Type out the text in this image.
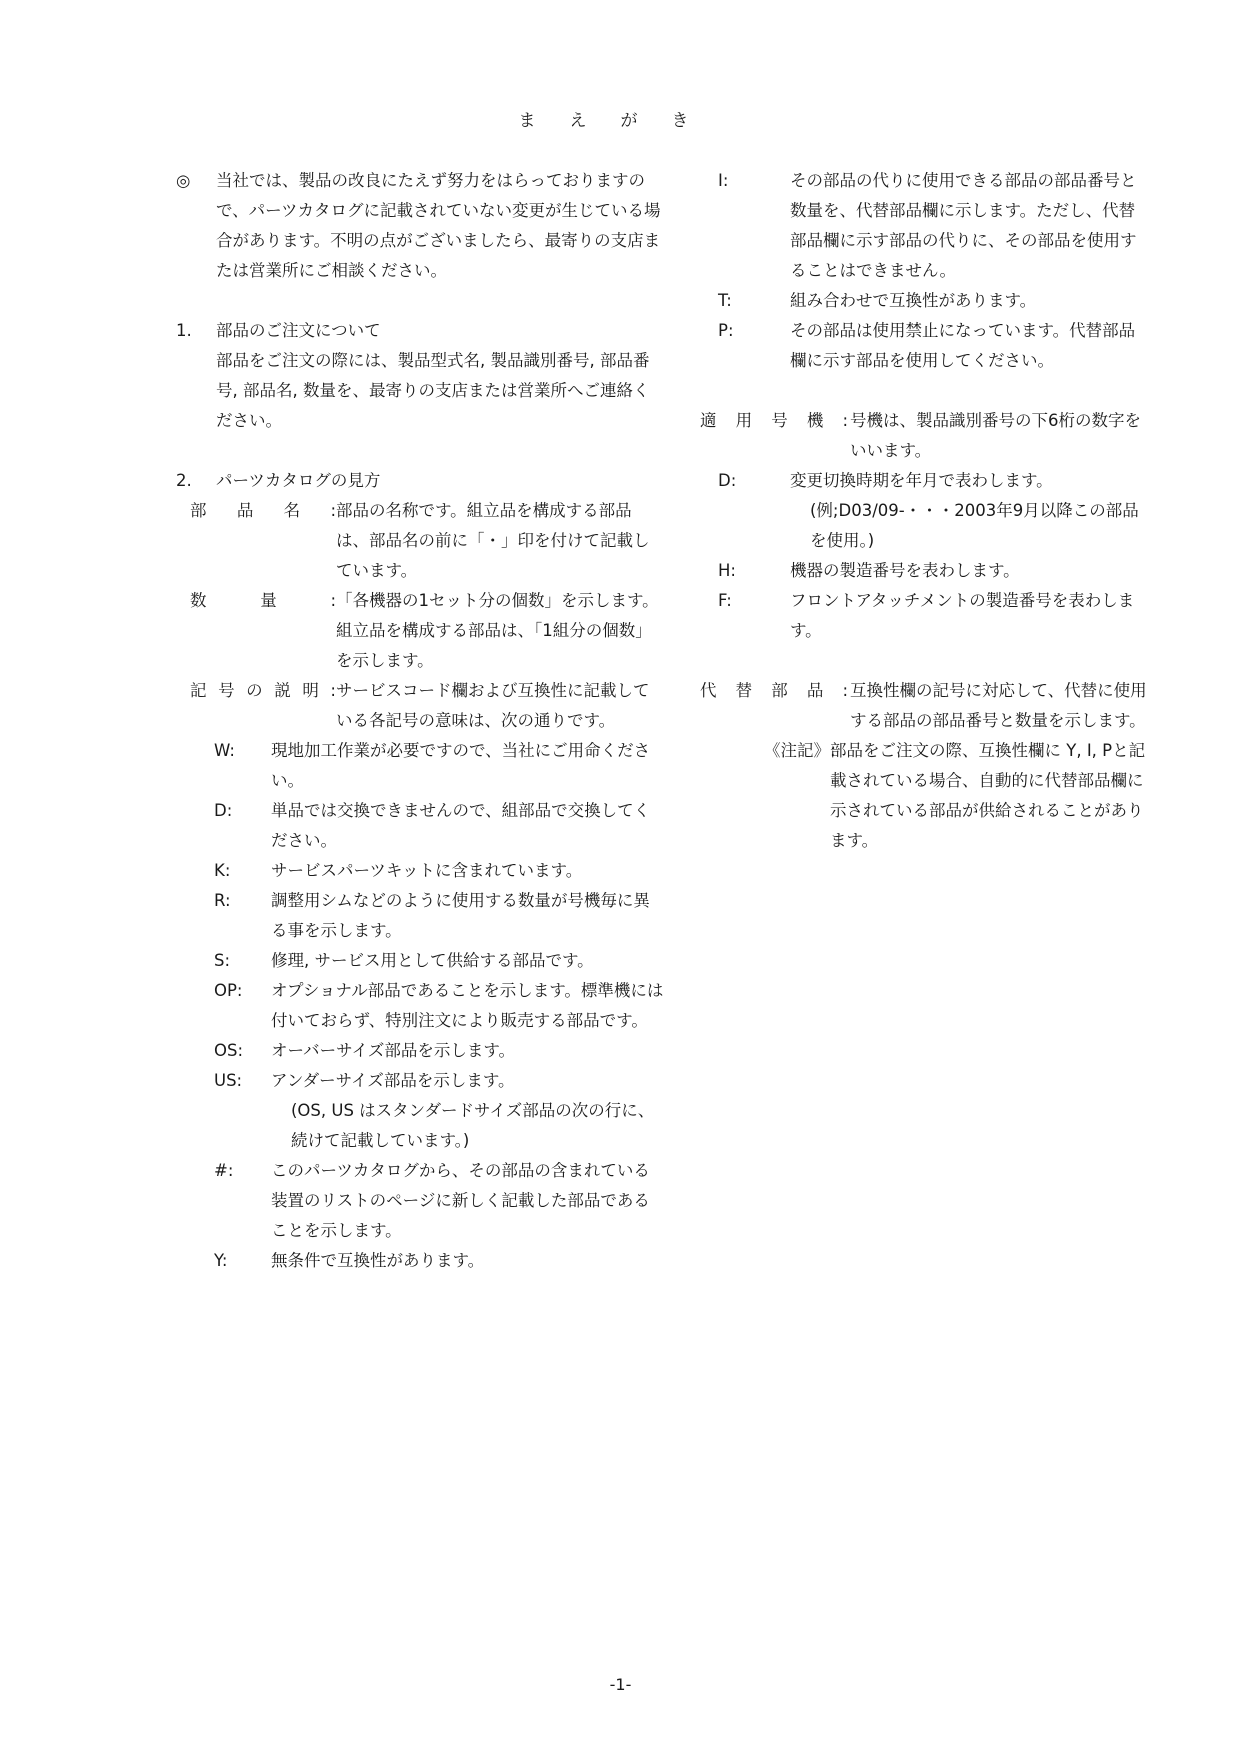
まえがき
◎	当社では、製品の改良にたえず努力をはらっておりますので、パーツカタログに記載されていない変更が生じている場合があります。不明の点がございましたら、最寄りの支店または営業所にご相談ください。
1. 部品のご注文について
部品をご注文の際には、製品型式名, 製品識別番号, 部品番号, 部品名, 数量を、最寄りの支店または営業所へご連絡ください。
2. パーツカタログの見方
部 品 名 : 部品の名称です。組立品を構成する部品は、部品名の前に「・」印を付けて記載しています。
数	量	: 「各機器の1セット分の個数」を示します。組立品を構成する部品は、「1組分の個数」を示します。
記 号 の 説 明 : サービスコード欄および互換性に記載している各記号の意味は、次の通りです。
W:	現地加工作業が必要ですので、当社にご用命ください。
D:	単品では交換できませんので、組部品で交換してください。
K:	サービスパーツキットに含まれています。
R:	調整用シムなどのように使用する数量が号機毎に異る事を示します。
S:	修理, サービス用として供給する部品です。
OP:	オプショナル部品であることを示します。標準機には付いておらず、特別注文により販売する部品です。
OS:	オーバーサイズ部品を示します。
US:	アンダーサイズ部品を示します。
(OS, US はスタンダードサイズ部品の次の行に、続けて記載しています。)
#:	このパーツカタログから、その部品の含まれている装置のリストのページに新しく記載した部品であることを示します。
Y:	無条件で互換性があります。
I:	その部品の代りに使用できる部品の部品番号と数量を、代替部品欄に示します。ただし、代替部品欄に示す部品の代りに、その部品を使用することはできません。
T:	組み合わせで互換性があります。
P:	その部品は使用禁止になっています。代替部品欄に示す部品を使用してください。
適 用 号 機 : 号機は、製品識別番号の下6桁の数字をいいます。
D:	変更切換時期を年月で表わします。
(例;D03/09-・・・2003年9月以降この部品を使用。)
H:	機器の製造番号を表わします。
F:	フロントアタッチメントの製造番号を表わします。
代 替 部 品 : 互換性欄の記号に対応して、代替に使用する部品の部品番号と数量を示します。
《注記》:
部品をご注文の際、互換性欄に Y, I, Pと記載されている場合、自動的に代替部品欄に示されている部品が供給されることがあります。
-1-
